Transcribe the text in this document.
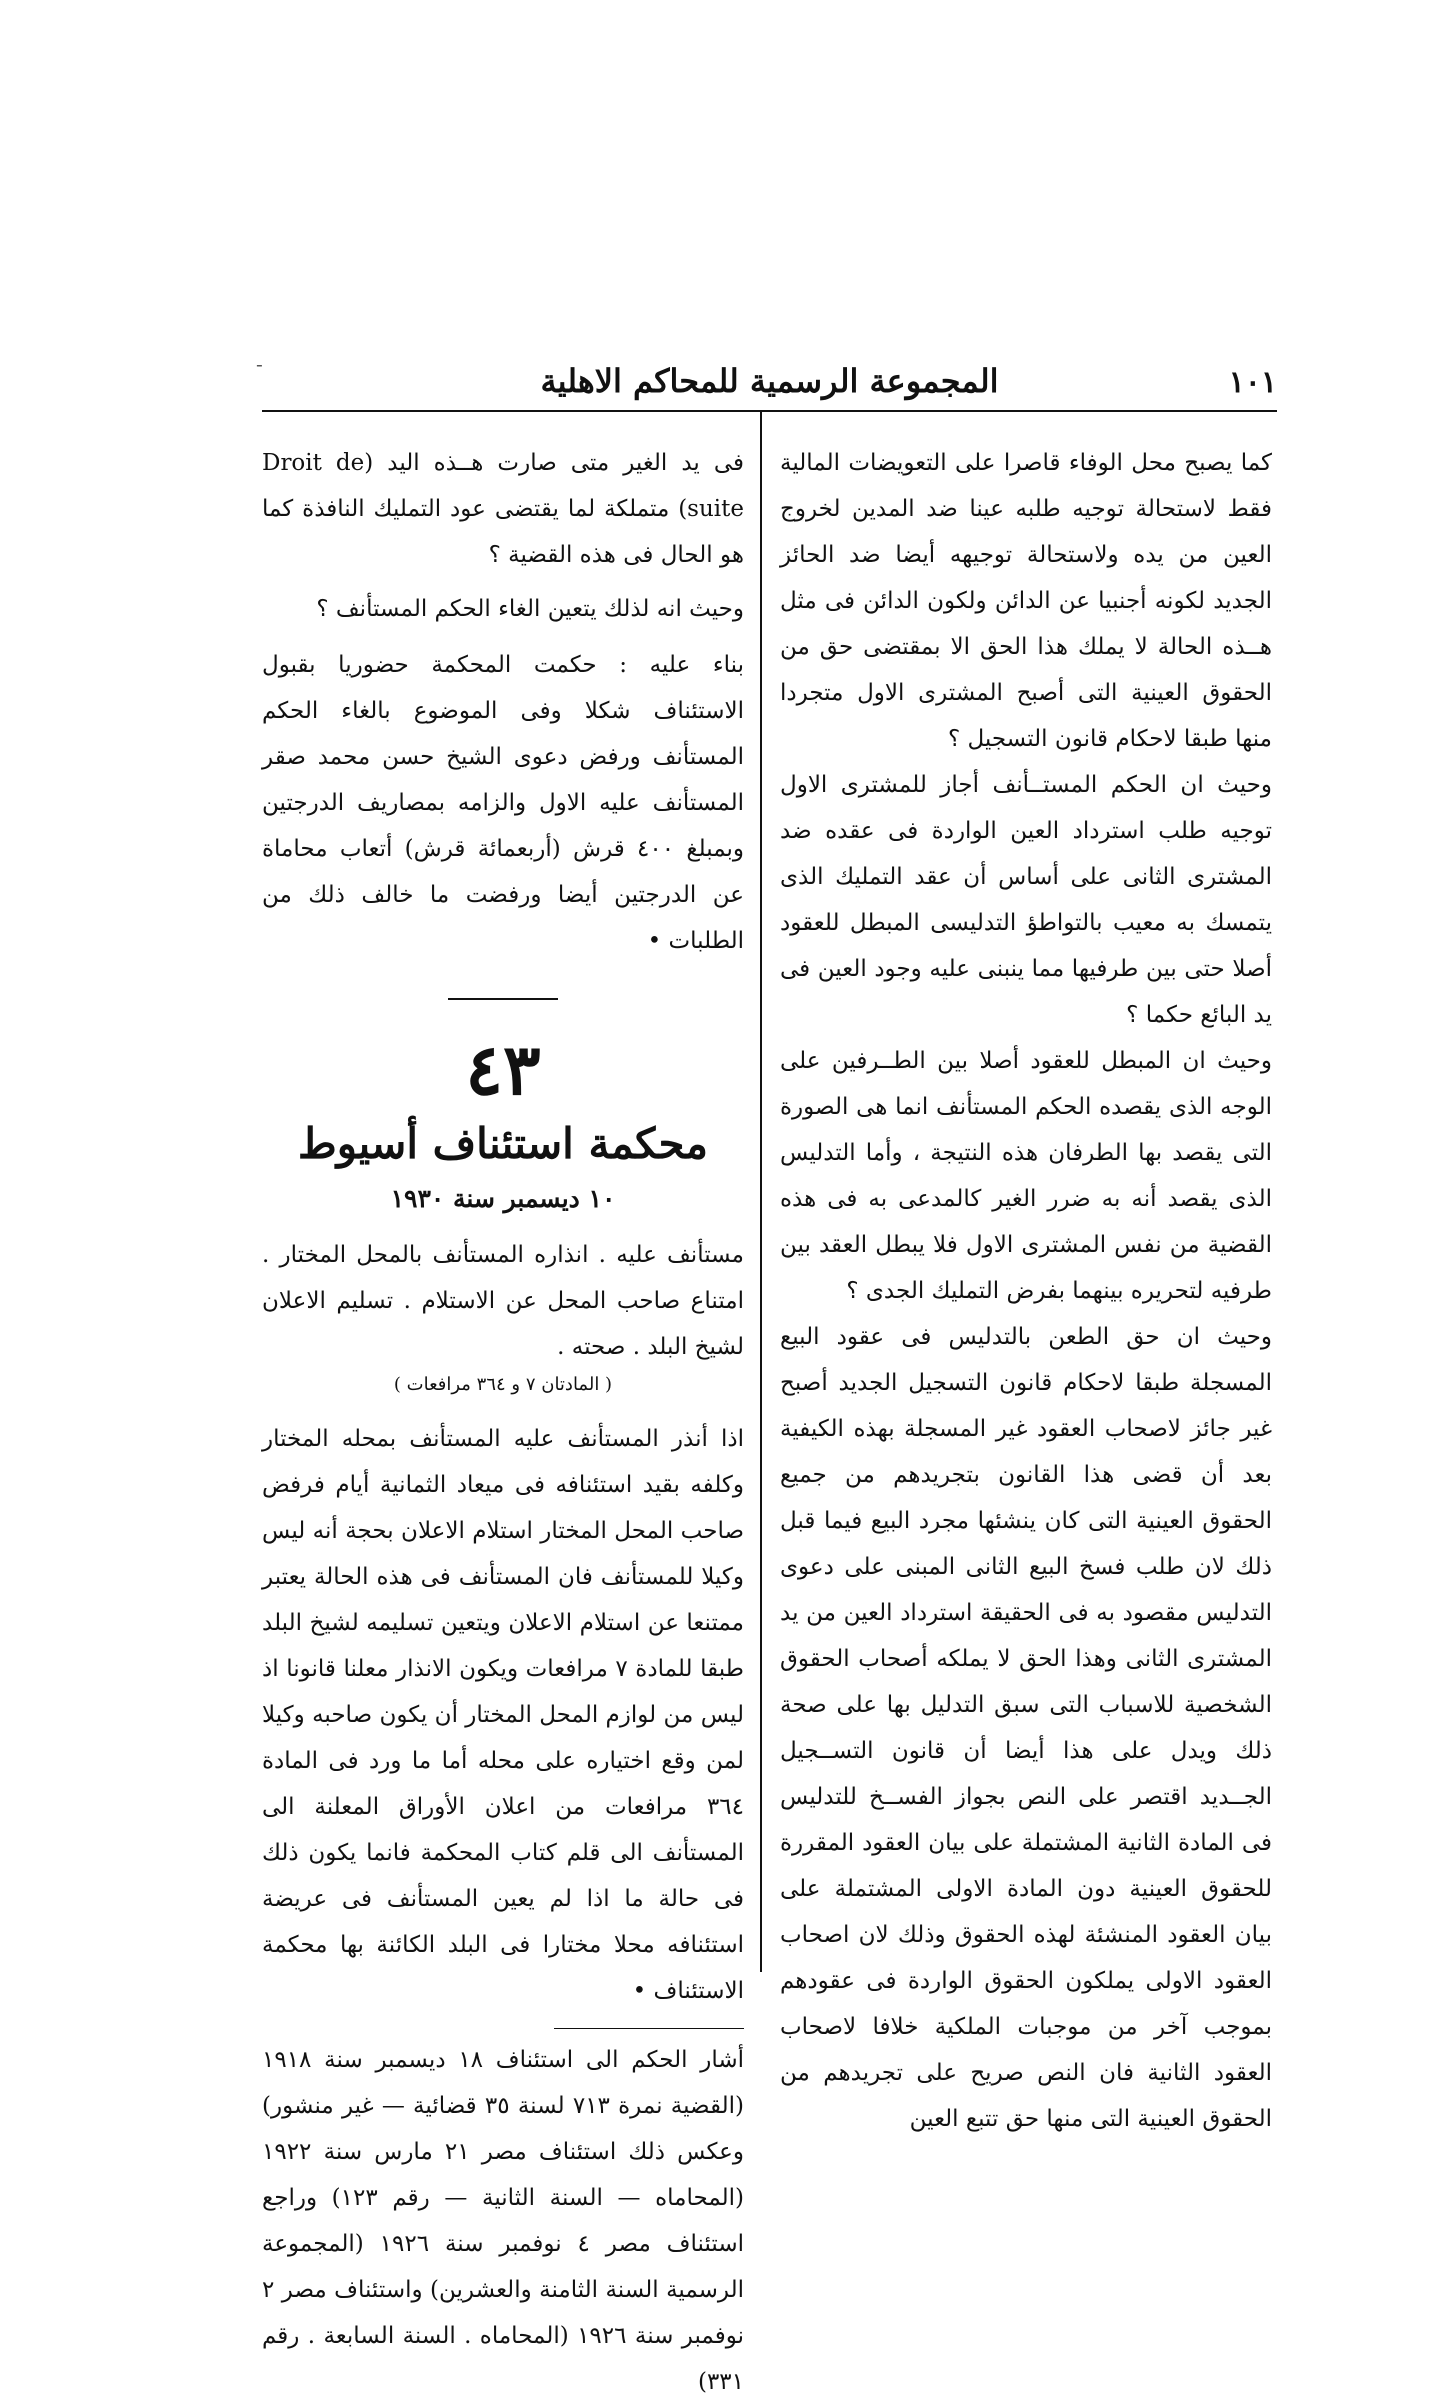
١٠١
المجموعة الرسمية للمحاكم الاهلية
-

كما يصبح محل الوفاء قاصرا على التعويضات المالية فقط لاستحالة توجيه طلبه عينا ضد المدين لخروج العين من يده ولاستحالة توجيهه أيضا ضد الحائز الجديد لكونه أجنبيا عن الدائن ولكون الدائن فى مثل هــذه الحالة لا يملك هذا الحق الا بمقتضى حق من الحقوق العينية التى أصبح المشترى الاول متجردا منها طبقا لاحكام قانون التسجيل ؟

وحيث ان الحكم المستــأنف أجاز للمشترى الاول توجيه طلب استرداد العين الواردة فى عقده ضد المشترى الثانى على أساس أن عقد التمليك الذى يتمسك به معيب بالتواطؤ التدليسى المبطل للعقود أصلا حتى بين طرفيها مما ينبنى عليه وجود العين فى يد البائع حكما ؟

وحيث ان المبطل للعقود أصلا بين الطــرفين على الوجه الذى يقصده الحكم المستأنف انما هى الصورة التى يقصد بها الطرفان هذه النتيجة ، وأما التدليس الذى يقصد أنه به ضرر الغير كالمدعى به فى هذه القضية من نفس المشترى الاول فلا يبطل العقد بين طرفيه لتحريره بينهما بفرض التمليك الجدى ؟

وحيث ان حق الطعن بالتدليس فى عقود البيع المسجلة طبقا لاحكام قانون التسجيل الجديد أصبح غير جائز لاصحاب العقود غير المسجلة بهذه الكيفية بعد أن قضى هذا القانون بتجريدهم من جميع الحقوق العينية التى كان ينشئها مجرد البيع فيما قبل ذلك لان طلب فسخ البيع الثانى المبنى على دعوى التدليس مقصود به فى الحقيقة استرداد العين من يد المشترى الثانى وهذا الحق لا يملكه أصحاب الحقوق الشخصية للاسباب التى سبق التدليل بها على صحة ذلك ويدل على هذا أيضا أن قانون التســجيل الجــديد اقتصر على النص بجواز الفســخ للتدليس فى المادة الثانية المشتملة على بيان العقود المقررة للحقوق العينية دون المادة الاولى المشتملة على بيان العقود المنشئة لهذه الحقوق وذلك لان اصحاب العقود الاولى يملكون الحقوق الواردة فى عقودهم بموجب آخر من موجبات الملكية خلافا لاصحاب العقود الثانية فان النص صريح على تجريدهم من الحقوق العينية التى منها حق تتبع العين

فى يد الغير متى صارت هــذه اليد (Droit de suite) متملكة لما يقتضى عود التمليك النافذة كما هو الحال فى هذه القضية ؟

وحيث انه لذلك يتعين الغاء الحكم المستأنف ؟

بناء عليه : حكمت المحكمة حضوريا بقبول الاستئناف شكلا وفى الموضوع بالغاء الحكم المستأنف ورفض دعوى الشيخ حسن محمد صقر المستأنف عليه الاول والزامه بمصاريف الدرجتين وبمبلغ ٤٠٠ قرش (أربعمائة قرش) أتعاب محاماة عن الدرجتين أيضا ورفضت ما خالف ذلك من الطلبات •

٤٣
محكمة استئناف أسيوط
١٠ ديسمبر سنة ١٩٣٠

مستأنف عليه . انذاره المستأنف بالمحل المختار . امتناع صاحب المحل عن الاستلام . تسليم الاعلان لشيخ البلد . صحته .

( المادتان ٧ و ٣٦٤ مرافعات )

اذا أنذر المستأنف عليه المستأنف بمحله المختار وكلفه بقيد استئنافه فى ميعاد الثمانية أيام فرفض صاحب المحل المختار استلام الاعلان بحجة أنه ليس وكيلا للمستأنف فان المستأنف فى هذه الحالة يعتبر ممتنعا عن استلام الاعلان ويتعين تسليمه لشيخ البلد طبقا للمادة ٧ مرافعات ويكون الانذار معلنا قانونا اذ ليس من لوازم المحل المختار أن يكون صاحبه وكيلا لمن وقع اختياره على محله أما ما ورد فى المادة ٣٦٤ مرافعات من اعلان الأوراق المعلنة الى المستأنف الى قلم كتاب المحكمة فانما يكون ذلك فى حالة ما اذا لم يعين المستأنف فى عريضة استئنافه محلا مختارا فى البلد الكائنة بها محكمة الاستئناف •

أشار الحكم الى استئناف ١٨ ديسمبر سنة ١٩١٨ (القضية نمرة ٧١٣ لسنة ٣٥ قضائية — غير منشور) وعكس ذلك استئناف مصر ٢١ مارس سنة ١٩٢٢ (المحاماه — السنة الثانية — رقم ١٢٣) وراجع استئناف مصر ٤ نوفمبر سنة ١٩٢٦ (المجموعة الرسمية السنة الثامنة والعشرين) واستئناف مصر ٢ نوفمبر سنة ١٩٢٦ (المحاماه . السنة السابعة . رقم ٣٣١)
